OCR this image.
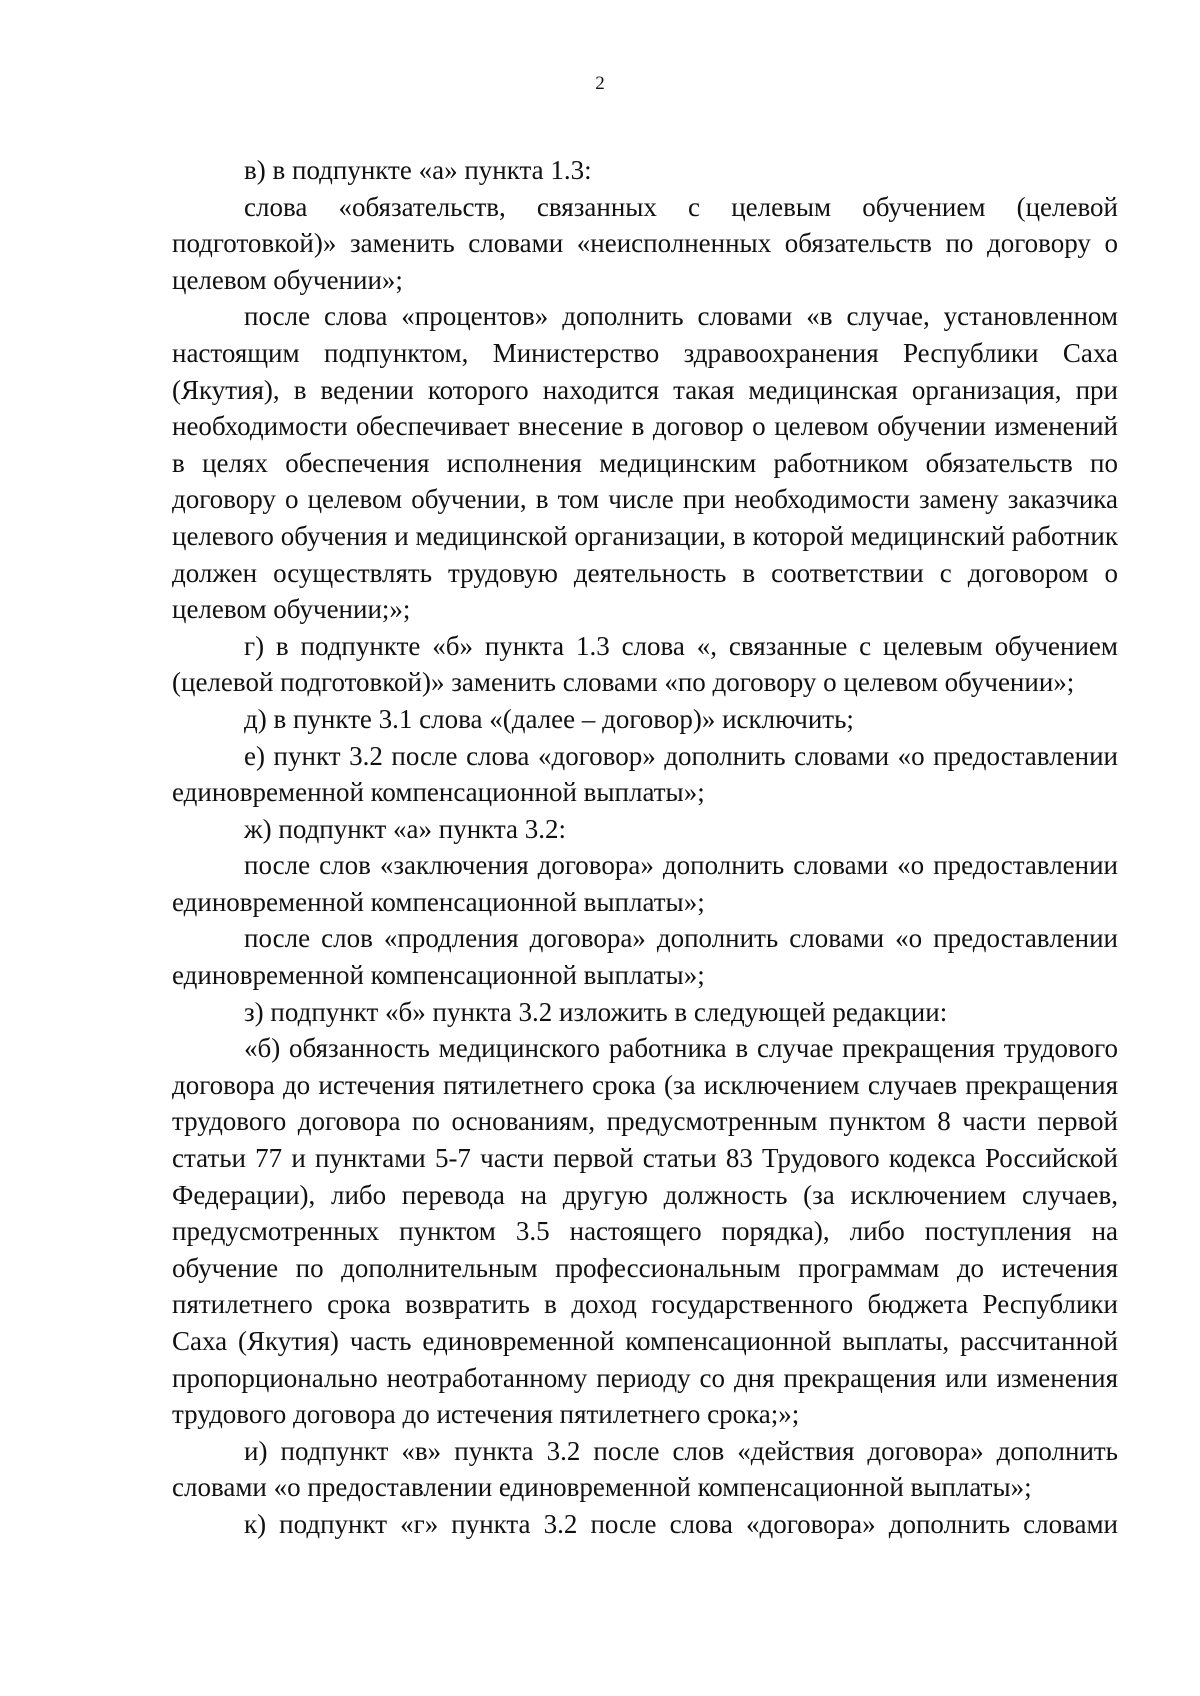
2

в) в подпункте «а» пункта 1.3:

слова «обязательств, связанных с целевым обучением (целевой подготовкой)» заменить словами «неисполненных обязательств по договору о целевом обучении»;

после слова «процентов» дополнить словами «в случае, установленном настоящим подпунктом, Министерство здравоохранения Республики Саха (Якутия), в ведении которого находится такая медицинская организация, при необходимости обеспечивает внесение в договор о целевом обучении изменений в целях обеспечения исполнения медицинским работником обязательств по договору о целевом обучении, в том числе при необходимости замену заказчика целевого обучения и медицинской организации, в которой медицинский работник должен осуществлять трудовую деятельность в соответствии с договором о целевом обучении;»;

г) в подпункте «б» пункта 1.3 слова «, связанные с целевым обучением (целевой подготовкой)» заменить словами «по договору о целевом обучении»;

д) в пункте 3.1 слова «(далее – договор)» исключить;

е) пункт 3.2 после слова «договор» дополнить словами «о предоставлении единовременной компенсационной выплаты»;

ж) подпункт «а» пункта 3.2:

после слов «заключения договора» дополнить словами «о предоставлении единовременной компенсационной выплаты»;

после слов «продления договора» дополнить словами «о предоставлении единовременной компенсационной выплаты»;

з) подпункт «б» пункта 3.2 изложить в следующей редакции:

«б) обязанность медицинского работника в случае прекращения трудового договора до истечения пятилетнего срока (за исключением случаев прекращения трудового договора по основаниям, предусмотренным пунктом 8 части первой статьи 77 и пунктами 5-7 части первой статьи 83 Трудового кодекса Российской Федерации), либо перевода на другую должность (за исключением случаев, предусмотренных пунктом 3.5 настоящего порядка), либо поступления на обучение по дополнительным профессиональным программам до истечения пятилетнего срока возвратить в доход государственного бюджета Республики Саха (Якутия) часть единовременной компенсационной выплаты, рассчитанной пропорционально неотработанному периоду со дня прекращения или изменения трудового договора до истечения пятилетнего срока;»;

и) подпункт «в» пункта 3.2 после слов «действия договора» дополнить словами «о предоставлении единовременной компенсационной выплаты»;

к) подпункт «г» пункта 3.2 после слова «договора» дополнить словами
